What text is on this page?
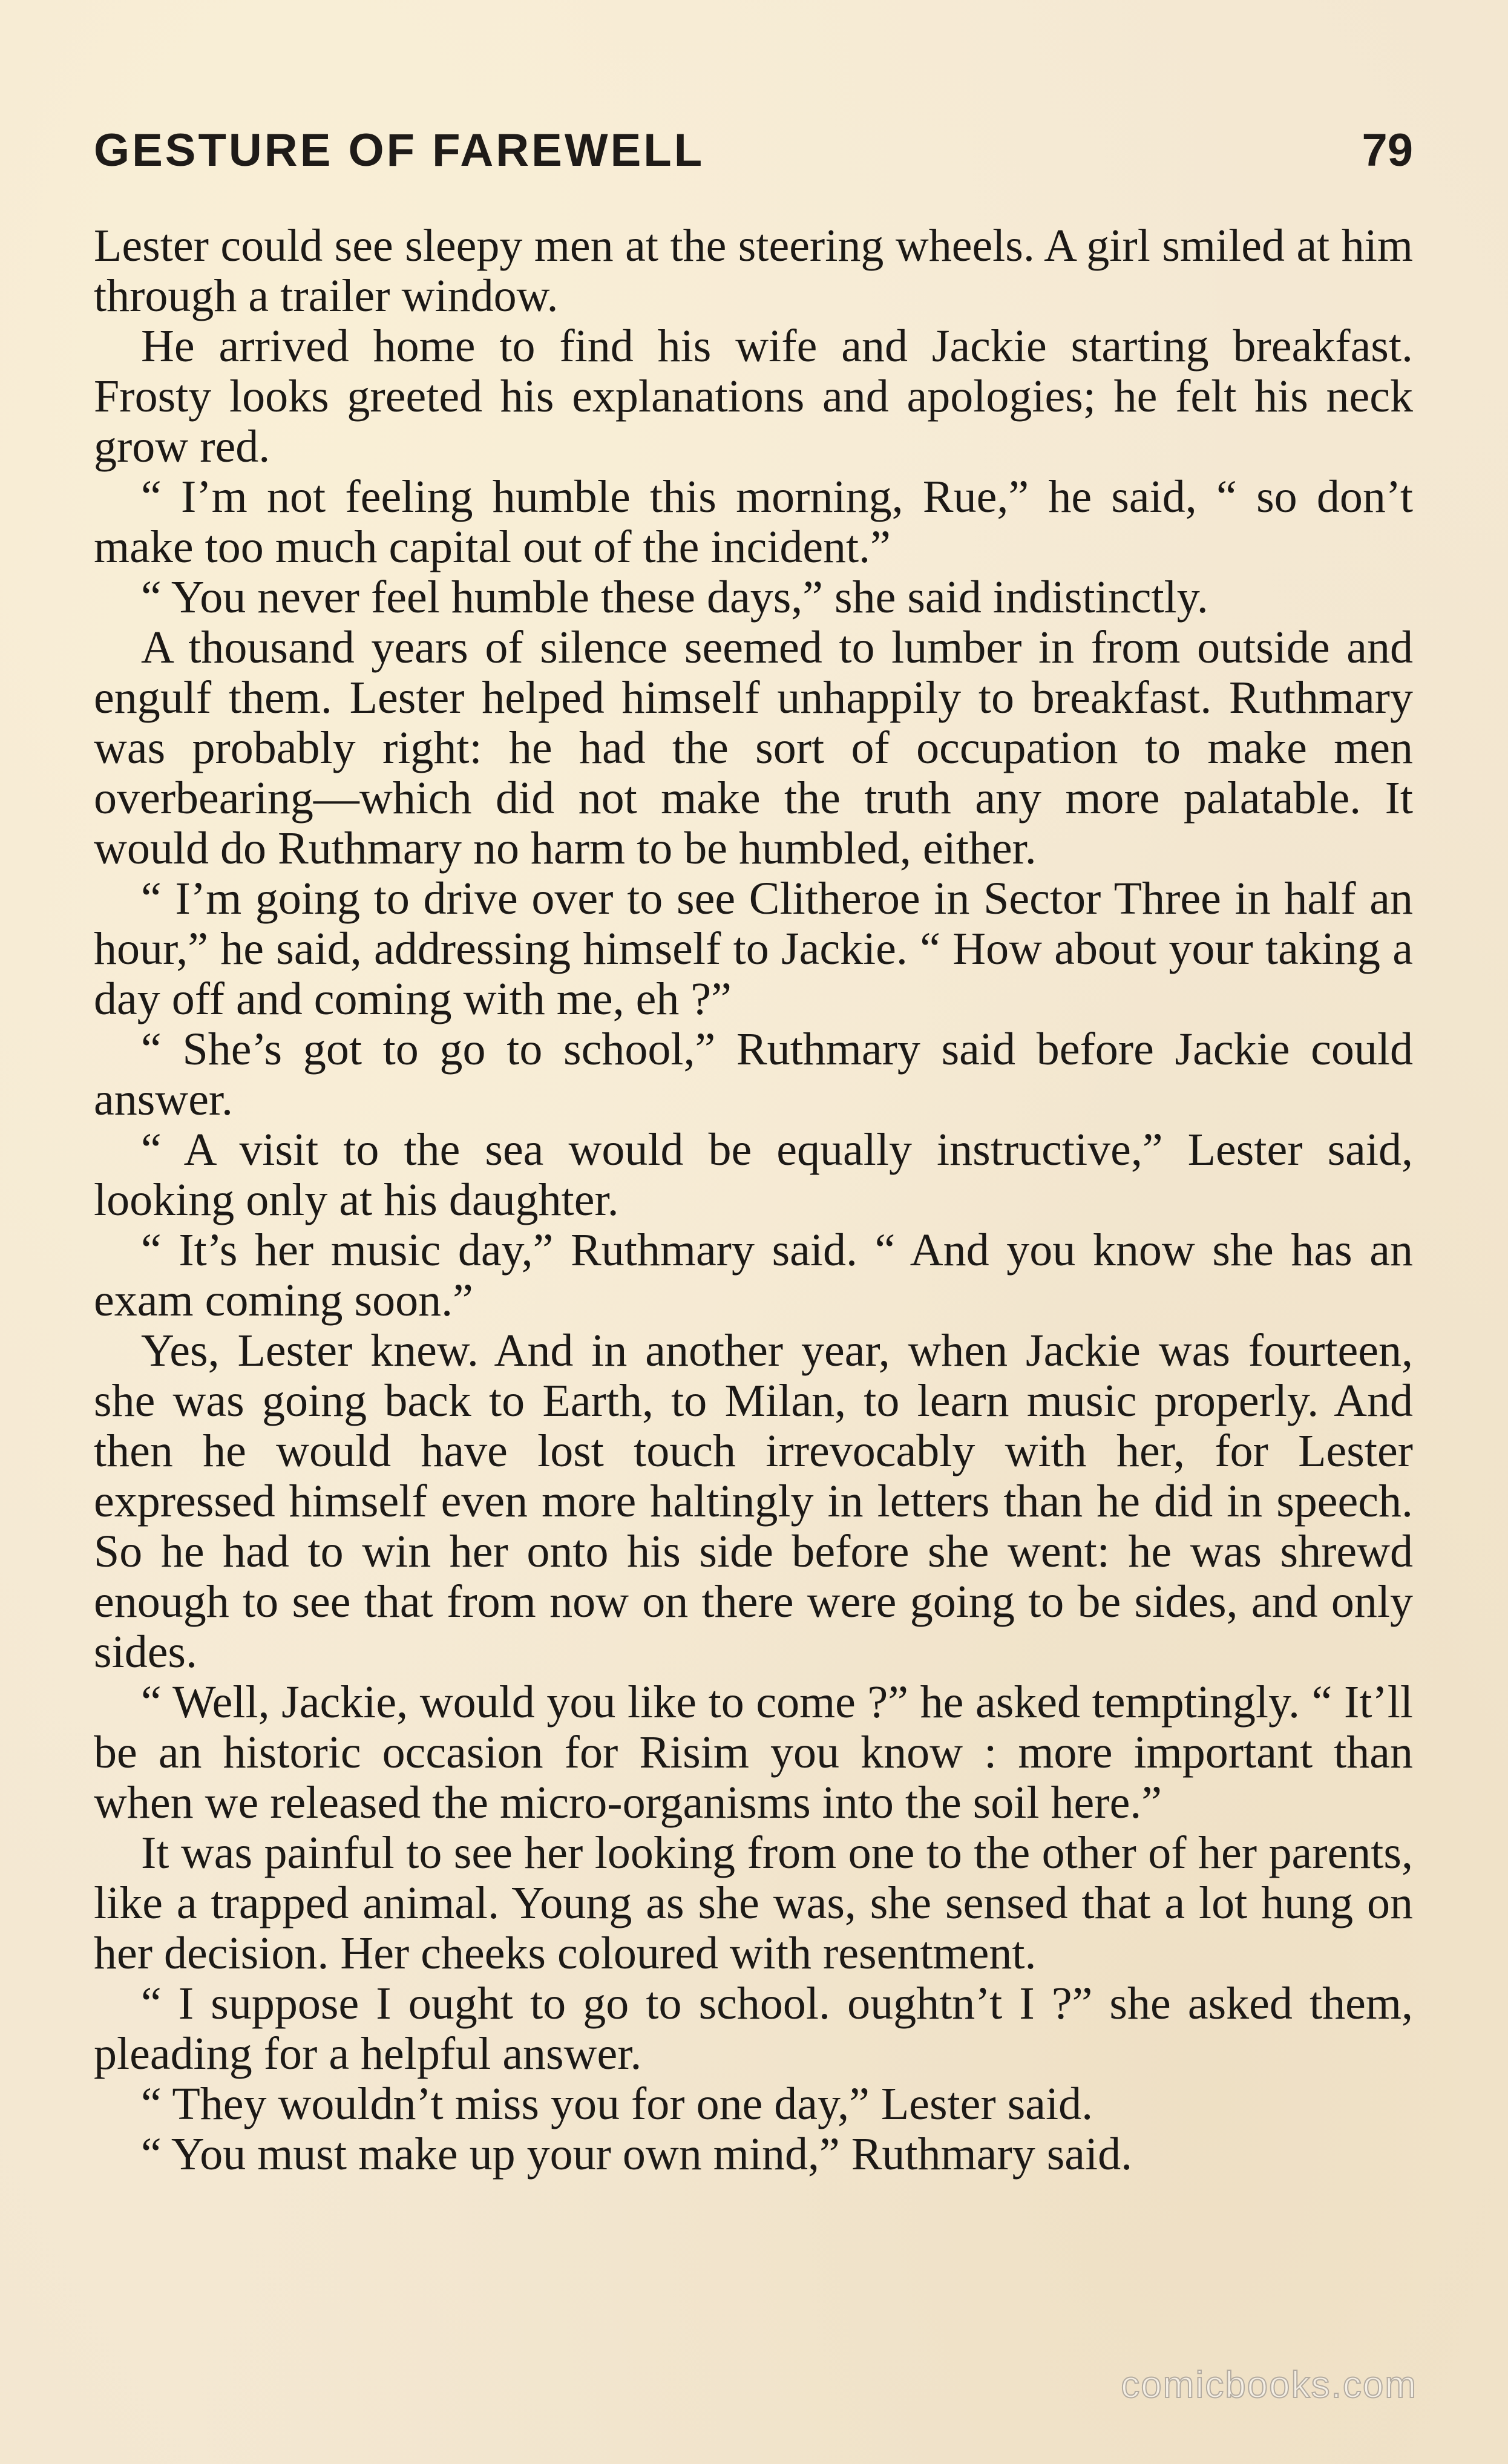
GESTURE OF FAREWELL	79

Lester could see sleepy men at the steering wheels. A girl smiled at him through a trailer window.

He arrived home to find his wife and Jackie starting breakfast. Frosty looks greeted his explanations and apologies; he felt his neck grow red.

“ I’m not feeling humble this morning, Rue,” he said, “ so don’t make too much capital out of the incident.”

“ You never feel humble these days,” she said indistinctly.

A thousand years of silence seemed to lumber in from outside and engulf them. Lester helped himself unhappily to breakfast. Ruthmary was probably right: he had the sort of occupation to make men overbearing—which did not make the truth any more palatable. It would do Ruthmary no harm to be humbled, either.

“ I’m going to drive over to see Clitheroe in Sector Three in half an hour,” he said, addressing himself to Jackie. “ How about your taking a day off and coming with me, eh ?”

“ She’s got to go to school,” Ruthmary said before Jackie could answer.

“ A visit to the sea would be equally instructive,” Lester said, looking only at his daughter.

“ It’s her music day,” Ruthmary said. “ And you know she has an exam coming soon.”

Yes, Lester knew. And in another year, when Jackie was fourteen, she was going back to Earth, to Milan, to learn music properly. And then he would have lost touch irrevocably with her, for Lester expressed himself even more haltingly in letters than he did in speech. So he had to win her onto his side before she went: he was shrewd enough to see that from now on there were going to be sides, and only sides.

“ Well, Jackie, would you like to come ?” he asked temptingly. “ It’ll be an historic occasion for Risim you know : more important than when we released the micro-organisms into the soil here.”

It was painful to see her looking from one to the other of her parents, like a trapped animal. Young as she was, she sensed that a lot hung on her decision. Her cheeks coloured with resentment.

“ I suppose I ought to go to school. oughtn’t I ?” she asked them, pleading for a helpful answer.

“ They wouldn’t miss you for one day,” Lester said.

“ You must make up your own mind,” Ruthmary said.

comicbooks.com
